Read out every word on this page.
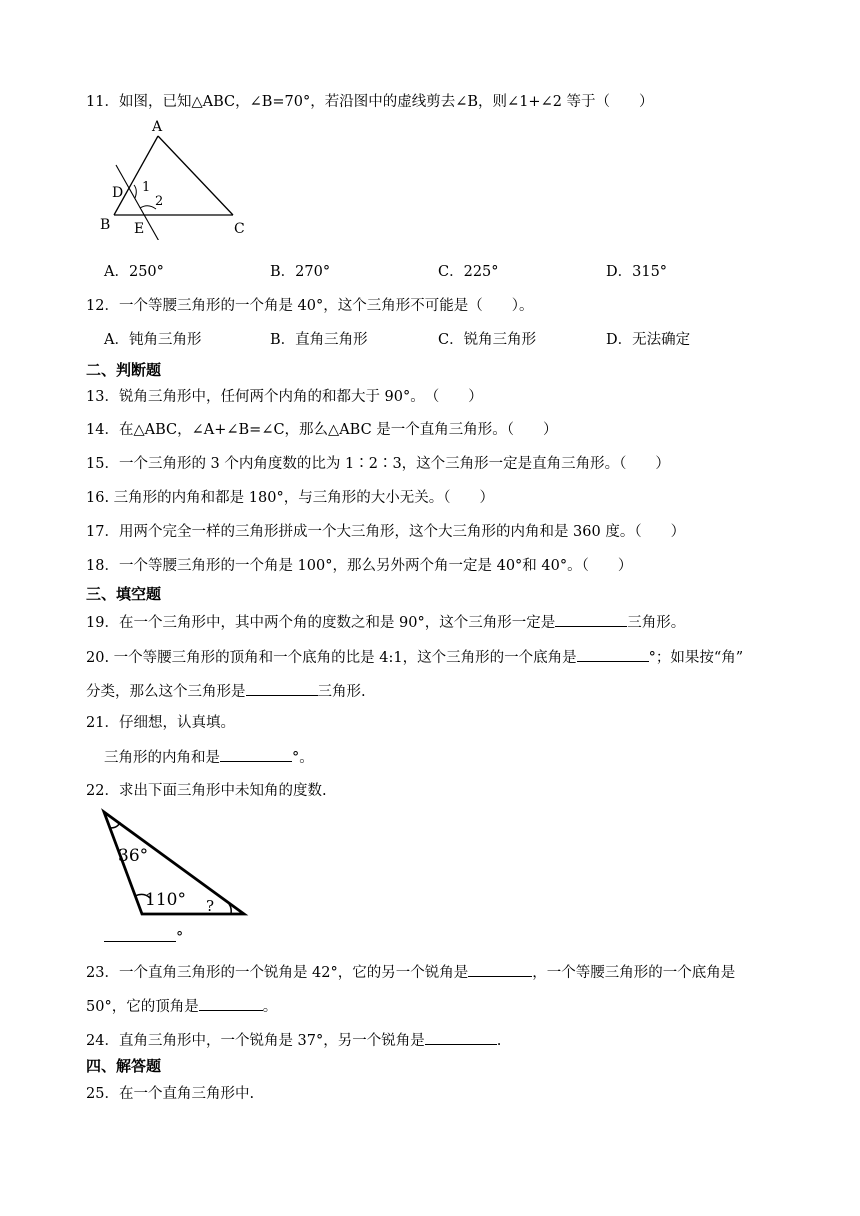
11．如图，已知△ABC，∠B=70°，若沿图中的虚线剪去∠B，则∠1+∠2 等于（　　）
A
D 1
2
B E	C
A．250°	B．270°	C．225°	D．315°
12．一个等腰三角形的一个角是 40°，这个三角形不可能是（　　）。
A．钝角三角形	B．直角三角形	C．锐角三角形	D．无法确定
二、判断题
13．锐角三角形中，任何两个内角的和都大于 90°。　（　　）
14．在△ABC，∠A+∠B=∠C，那么△ABC 是一个直角三角形。（　　）
15．一个三角形的 3 个内角度数的比为 1∶2∶3，这个三角形一定是直角三角形。（　　）
16. 三角形的内角和都是 180°，与三角形的大小无关。（　　）
17．用两个完全一样的三角形拼成一个大三角形，这个大三角形的内角和是 360 度。（　　）
18．一个等腰三角形的一个角是 100°，那么另外两个角一定是 40°和 40°。（　　）
三、填空题
19．在一个三角形中，其中两个角的度数之和是 90°，这个三角形一定是	三角形。
20. 一个等腰三角形的顶角和一个底角的比是 4:1，这个三角形的一个底角是	°；如果按“角”
分类，那么这个三角形是	三角形.
21．仔细想，认真填。
三角形的内角和是	°。
22．求出下面三角形中未知角的度数.
36°
110° ?
°
23．一个直角三角形的一个锐角是 42°，它的另一个锐角是	，一个等腰三角形的一个底角是
50°，它的顶角是	。
24．直角三角形中，一个锐角是 37°，另一个锐角是	.
四、解答题
25．在一个直角三角形中.
